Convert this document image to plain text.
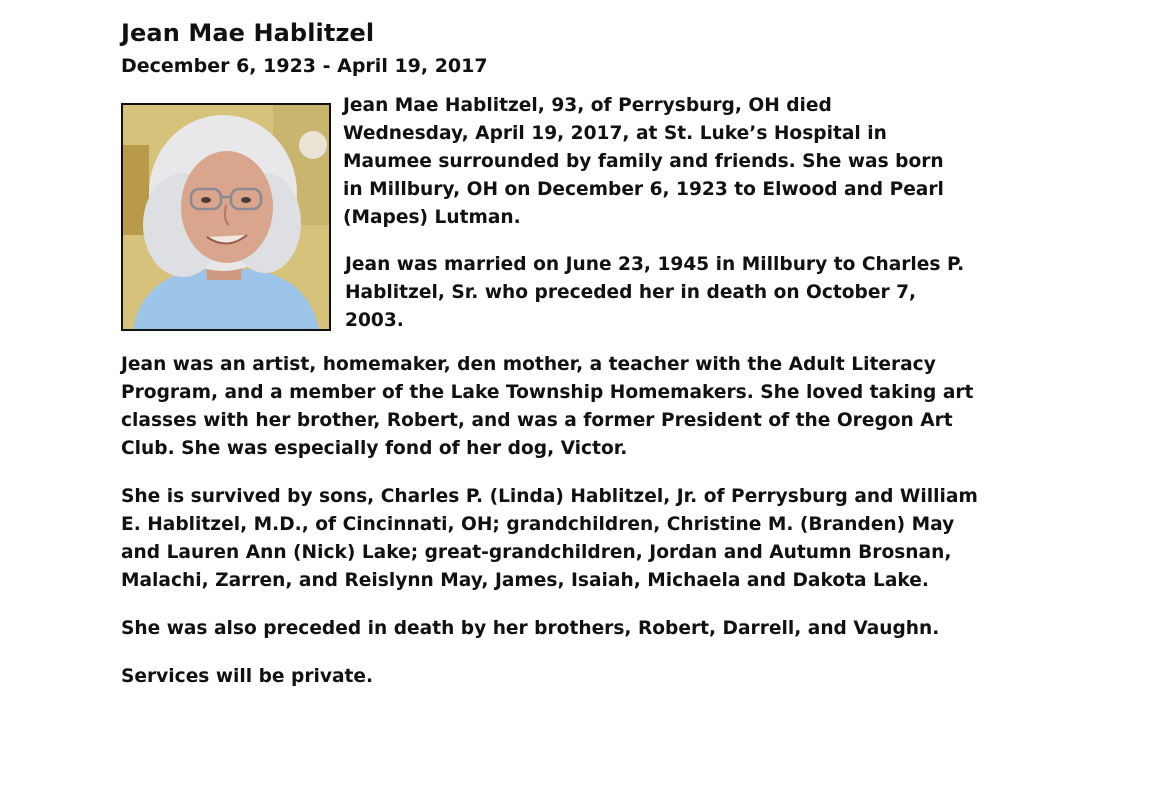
Jean Mae Hablitzel
December 6, 1923 - April 19, 2017

Jean Mae Hablitzel, 93, of Perrysburg, OH died Wednesday, April 19, 2017, at St. Luke’s Hospital in Maumee surrounded by family and friends. She was born in Millbury, OH on December 6, 1923 to Elwood and Pearl (Mapes) Lutman.

Jean was married on June 23, 1945 in Millbury to Charles P. Hablitzel, Sr. who preceded her in death on October 7, 2003.

Jean was an artist, homemaker, den mother, a teacher with the Adult Literacy Program, and a member of the Lake Township Homemakers. She loved taking art classes with her brother, Robert, and was a former President of the Oregon Art Club. She was especially fond of her dog, Victor.

She is survived by sons, Charles P. (Linda) Hablitzel, Jr. of Perrysburg and William E. Hablitzel, M.D., of Cincinnati, OH; grandchildren, Christine M. (Branden) May and Lauren Ann (Nick) Lake; great-grandchildren, Jordan and Autumn Brosnan, Malachi, Zarren, and Reislynn May, James, Isaiah, Michaela and Dakota Lake.

She was also preceded in death by her brothers, Robert, Darrell, and Vaughn.

Services will be private.
